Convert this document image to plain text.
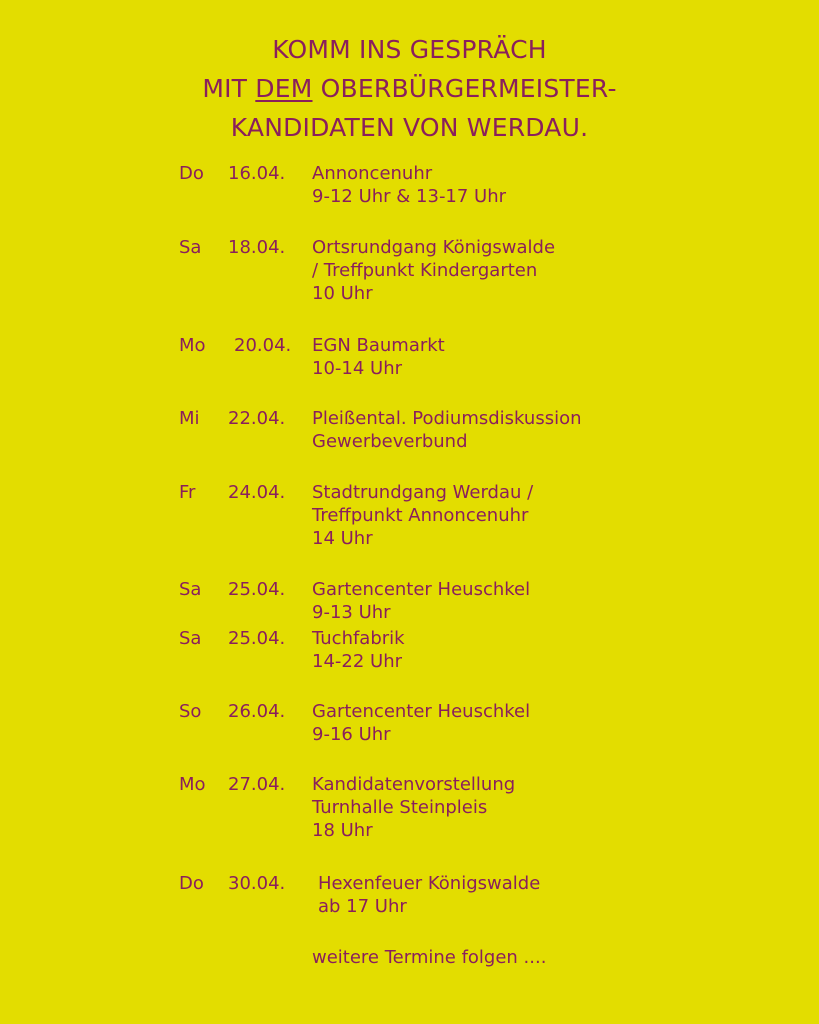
KOMM INS GESPRÄCH
MIT DEM OBERBÜRGERMEISTER-
KANDIDATEN VON WERDAU.
Do 16.04. Annoncenuhr
9-12 Uhr & 13-17 Uhr
Sa 18.04. Ortsrundgang Königswalde
/ Treffpunkt Kindergarten
10 Uhr
Mo 20.04. EGN Baumarkt
10-14 Uhr
Mi 22.04. Pleißental. Podiumsdiskussion
Gewerbeverbund
Fr 24.04. Stadtrundgang Werdau /
Treffpunkt Annoncenuhr
14 Uhr
Sa 25.04. Gartencenter Heuschkel
9-13 Uhr
Sa 25.04. Tuchfabrik
14-22 Uhr
So 26.04. Gartencenter Heuschkel
9-16 Uhr
Mo 27.04. Kandidatenvorstellung
Turnhalle Steinpleis
18 Uhr
Do 30.04. Hexenfeuer Königswalde
ab 17 Uhr
weitere Termine folgen ....
